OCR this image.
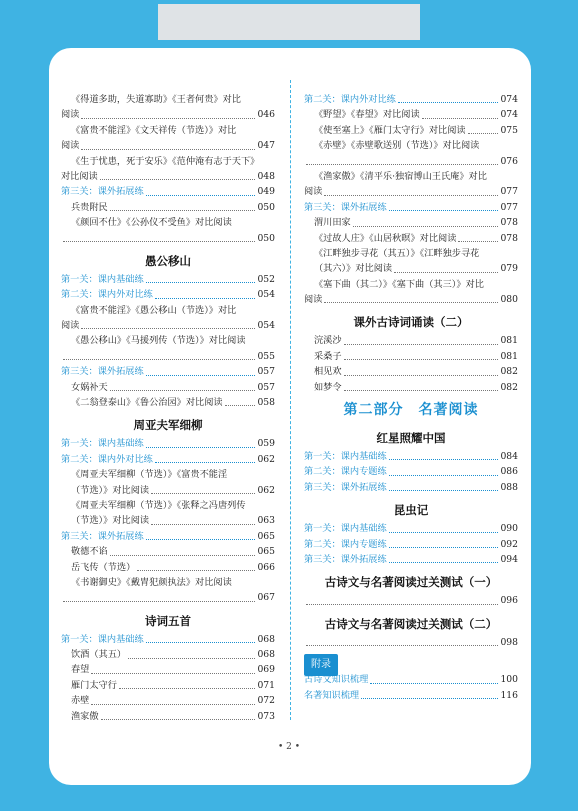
《得道多助，失道寡助》《王者何贵》对比
阅读	046
《富贵不能淫》《文天祥传（节选）》对比
阅读	047
《生于忧患，死于安乐》《范仲淹有志于天下》
对比阅读	048
第三关：课外拓展练	049
兵贵附民	050
《颜回不仕》《公孙仪不受鱼》对比阅读
050
愚公移山
第一关：课内基础练	052
第二关：课内外对比练	054
《富贵不能淫》《愚公移山（节选）》对比
阅读	054
《愚公移山》《马援列传（节选）》对比阅读
055
第三关：课外拓展练	057
女娲补天	057
《二翁登泰山》《鲁公治园》对比阅读	058
周亚夫军细柳
第一关：课内基础练	059
第二关：课内外对比练	062
《周亚夫军细柳（节选）》《富贵不能淫
（节选）》对比阅读	062
《周亚夫军细柳（节选）》《张释之冯唐列传
（节选）》对比阅读	063
第三关：课外拓展练	065
敬德不谄	065
岳飞传（节选）	066
《书谢御史》《戴胄犯颜执法》对比阅读
067
诗词五首
第一关：课内基础练	068
饮酒（其五）	068
春望	069
雁门太守行	071
赤壁	072
渔家傲	073
第二关：课内外对比练	074
《野望》《春望》对比阅读	074
《使至塞上》《雁门太守行》对比阅读	075
《赤壁》《赤壁歌送别（节选）》对比阅读
076
《渔家傲》《清平乐·独宿博山王氏庵》对比
阅读	077
第三关：课外拓展练	077
渭川田家	078
《过故人庄》《山居秋暝》对比阅读	078
《江畔独步寻花（其五）》《江畔独步寻花
（其六）》对比阅读	079
《塞下曲（其二）》《塞下曲（其三）》对比
阅读	080
课外古诗词诵读（二）
浣溪沙	081
采桑子	081
相见欢	082
如梦令	082
第二部分　名著阅读
红星照耀中国
第一关：课内基础练	084
第二关：课内专题练	086
第三关：课外拓展练	088
昆虫记
第一关：课内基础练	090
第二关：课内专题练	092
第三关：课外拓展练	094
古诗文与名著阅读过关测试（一）
096
古诗文与名著阅读过关测试（二）
098
附录
古诗文知识梳理	100
名著知识梳理	116
• 2 •
